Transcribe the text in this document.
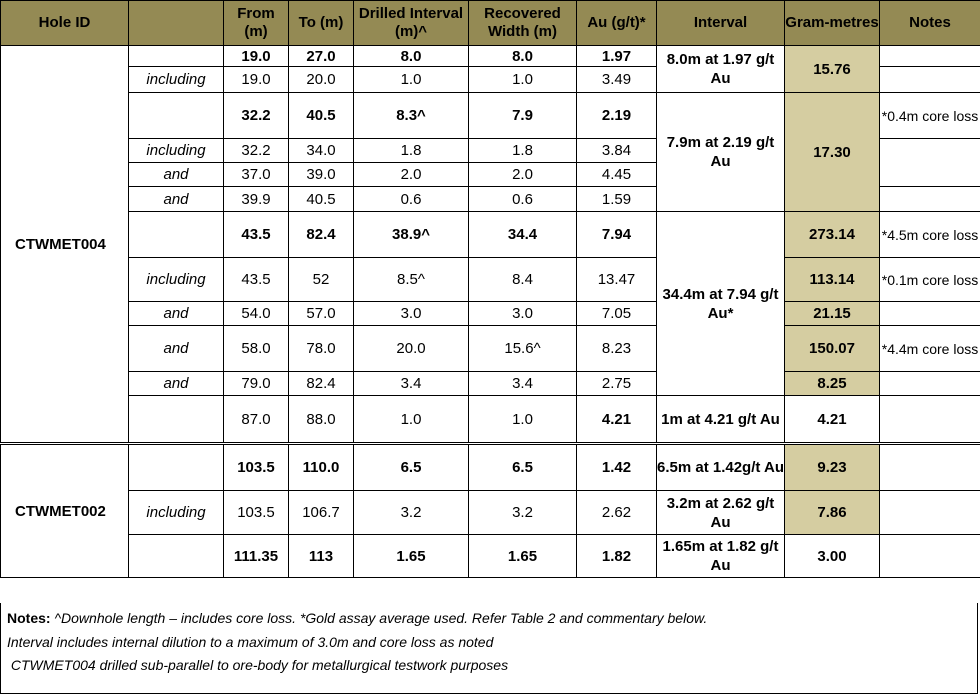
Hole ID		From (m)	To (m)	Drilled Interval (m)^	Recovered Width (m)	Au (g/t)*	Interval	Gram-metres	Notes
CTWMET004		19.0	27.0	8.0	8.0	1.97	8.0m at 1.97 g/t Au	15.76	
	including	19.0	20.0	1.0	1.0	3.49			
		32.2	40.5	8.3^	7.9	2.19	7.9m at 2.19 g/t Au	17.30	*0.4m core loss
	including	32.2	34.0	1.8	1.8	3.84			
	and	37.0	39.0	2.0	2.0	4.45			
	and	39.9	40.5	0.6	0.6	1.59			
		43.5	82.4	38.9^	34.4	7.94	34.4m at 7.94 g/t Au*	273.14	*4.5m core loss
	including	43.5	52	8.5^	8.4	13.47		113.14	*0.1m core loss
	and	54.0	57.0	3.0	3.0	7.05		21.15	
	and	58.0	78.0	20.0	15.6^	8.23		150.07	*4.4m core loss
	and	79.0	82.4	3.4	3.4	2.75		8.25	
		87.0	88.0	1.0	1.0	4.21	1m at 4.21 g/t Au	4.21	
CTWMET002		103.5	110.0	6.5	6.5	1.42	6.5m at 1.42g/t Au	9.23	
	including	103.5	106.7	3.2	3.2	2.62	3.2m at 2.62 g/t Au	7.86	
		111.35	113	1.65	1.65	1.82	1.65m at 1.82 g/t Au	3.00	
Notes: ^Downhole length – includes core loss. *Gold assay average used. Refer Table 2 and commentary below.
Interval includes internal dilution to a maximum of 3.0m and core loss as noted
CTWMET004 drilled sub-parallel to ore-body for metallurgical testwork purposes
